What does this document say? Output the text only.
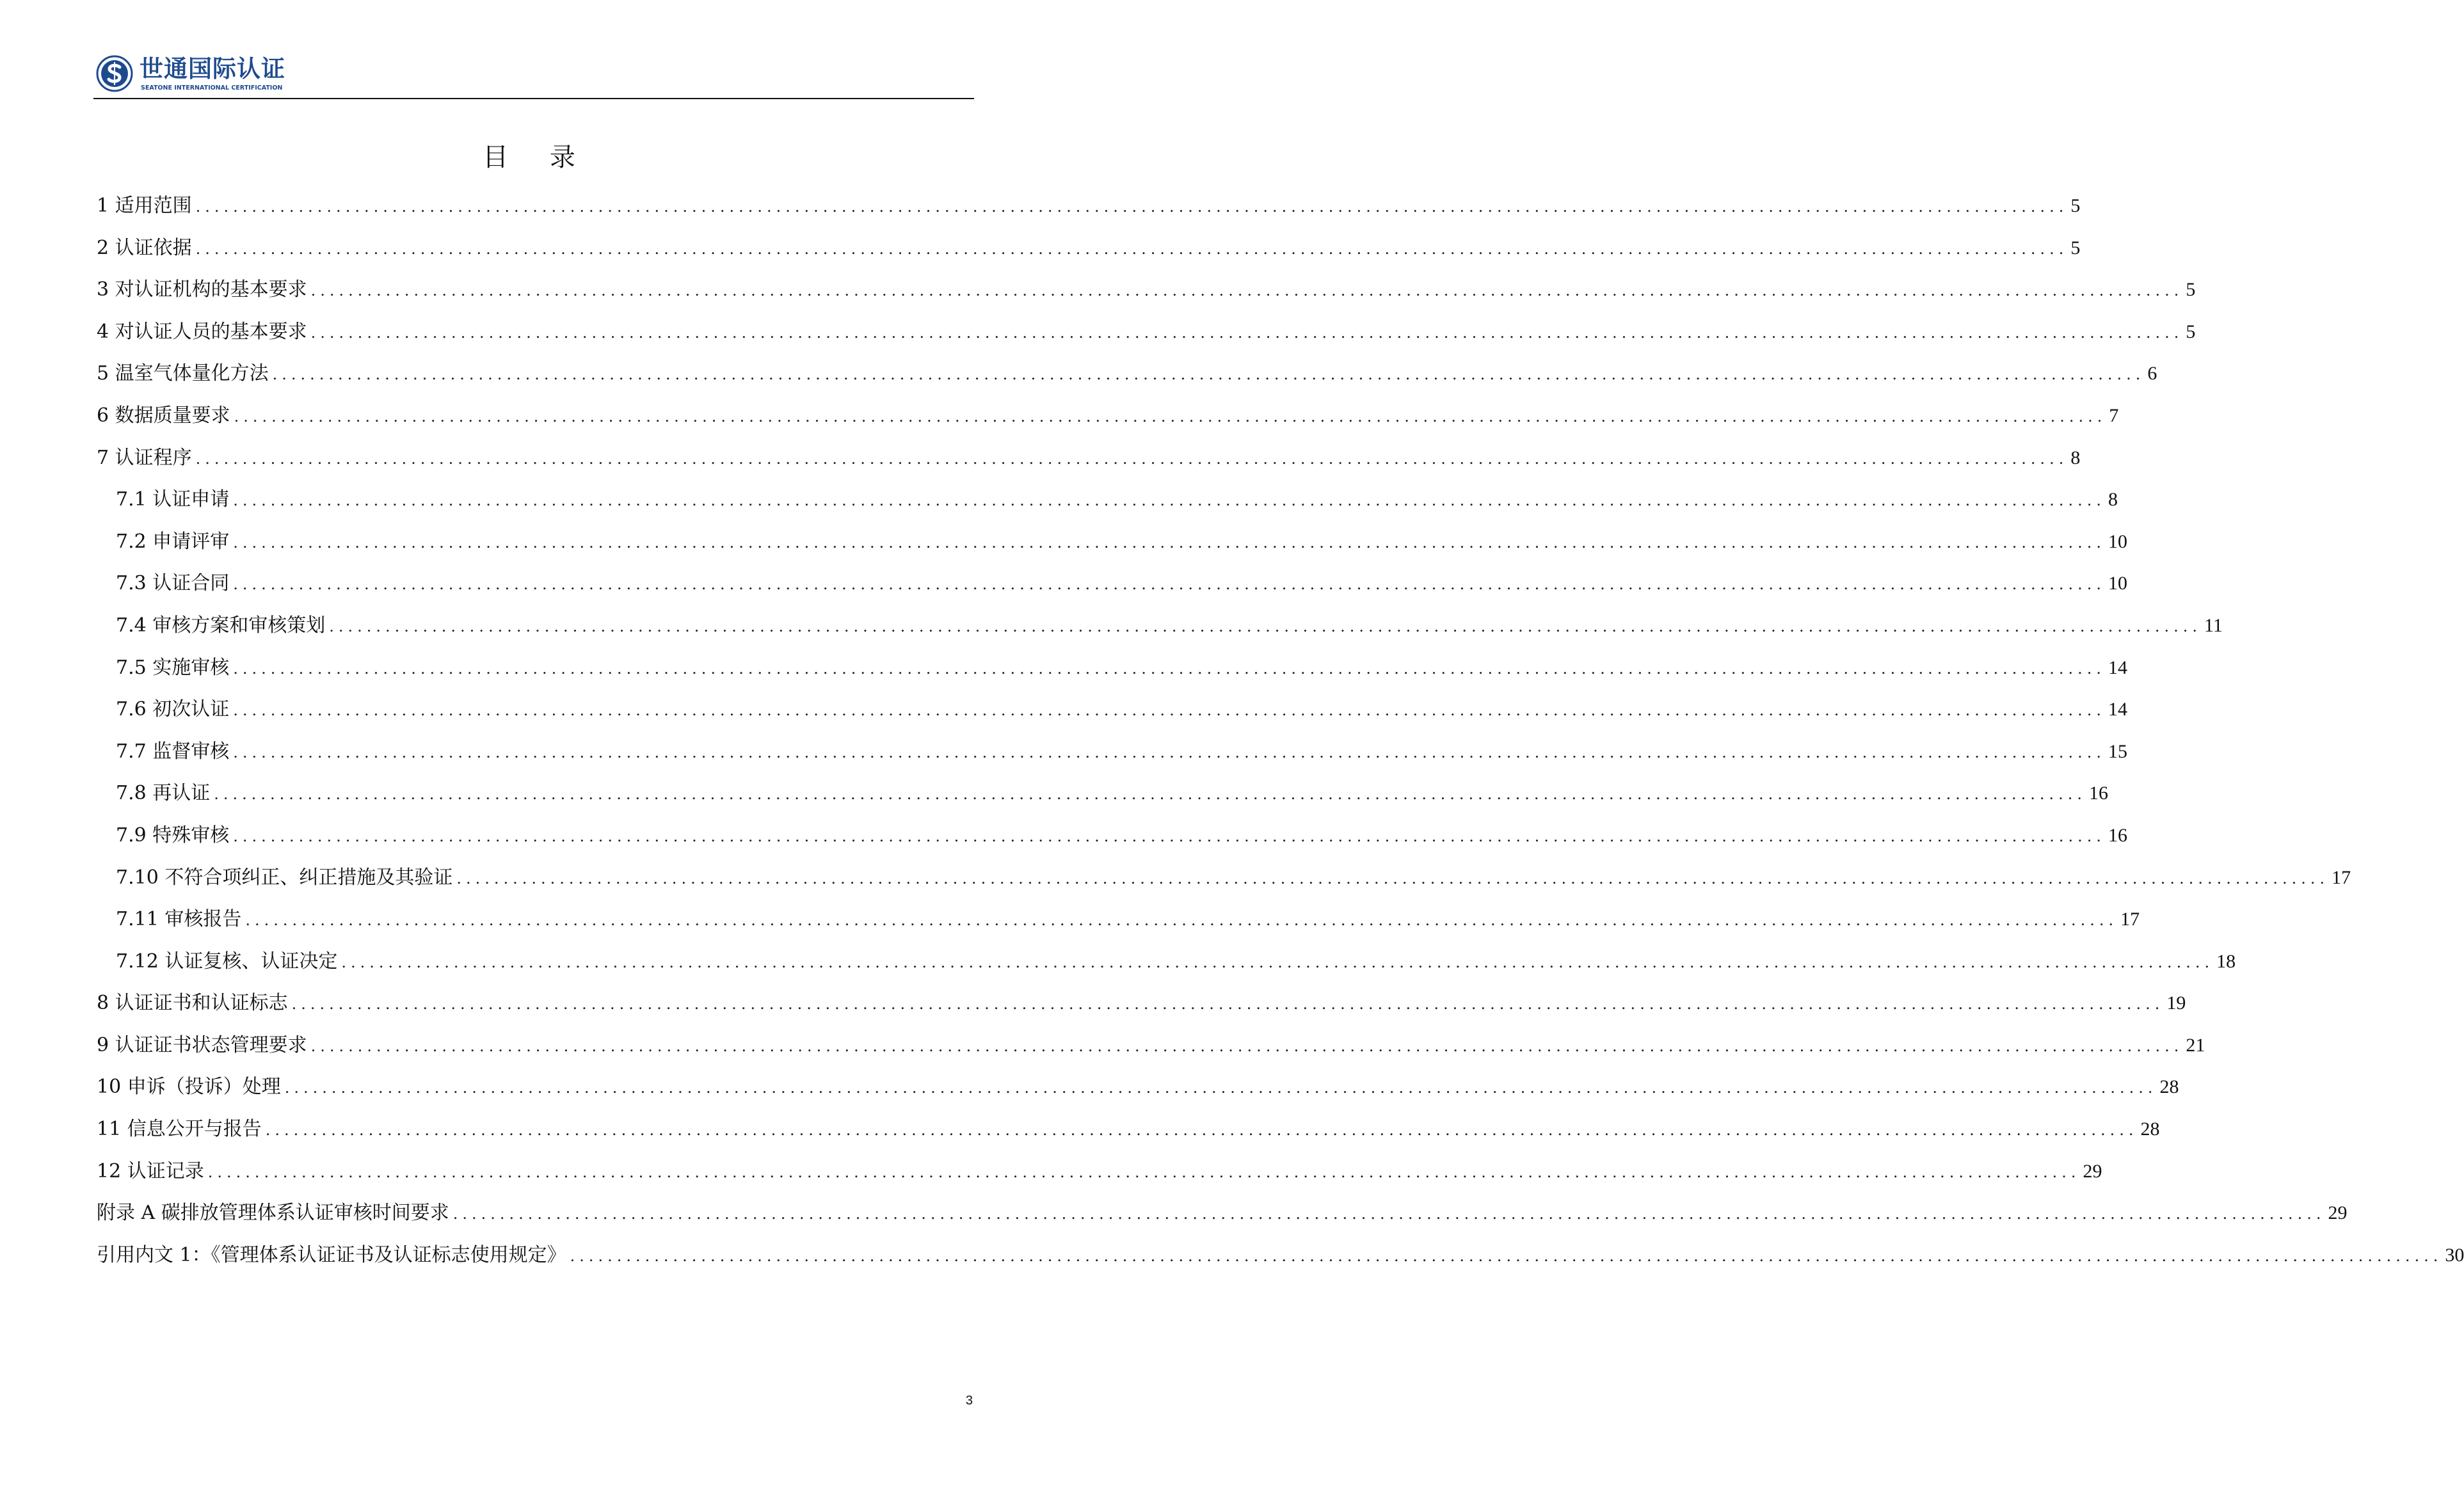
世通国际认证
SEATONE INTERNATIONAL CERTIFICATION
目 录
1 适用范围 ........................................................................................................................................................................................................ 5
2 认证依据 ........................................................................................................................................................................................................ 5
3 对认证机构的基本要求 ........................................................................................................................................................................................................ 5
4 对认证人员的基本要求 ........................................................................................................................................................................................................ 5
5 温室气体量化方法 ........................................................................................................................................................................................................ 6
6 数据质量要求 ........................................................................................................................................................................................................ 7
7 认证程序 ........................................................................................................................................................................................................ 8
7.1 认证申请 ........................................................................................................................................................................................................ 8
7.2 申请评审 ........................................................................................................................................................................................................ 10
7.3 认证合同 ........................................................................................................................................................................................................ 10
7.4 审核方案和审核策划 ........................................................................................................................................................................................................ 11
7.5 实施审核 ........................................................................................................................................................................................................ 14
7.6 初次认证 ........................................................................................................................................................................................................ 14
7.7 监督审核 ........................................................................................................................................................................................................ 15
7.8 再认证 ........................................................................................................................................................................................................ 16
7.9 特殊审核 ........................................................................................................................................................................................................ 16
7.10 不符合项纠正、纠正措施及其验证 ........................................................................................................................................................................................................ 17
7.11 审核报告 ........................................................................................................................................................................................................ 17
7.12 认证复核、认证决定 ........................................................................................................................................................................................................ 18
8 认证证书和认证标志 ........................................................................................................................................................................................................ 19
9 认证证书状态管理要求 ........................................................................................................................................................................................................ 21
10 申诉（投诉）处理 ........................................................................................................................................................................................................ 28
11 信息公开与报告 ........................................................................................................................................................................................................ 28
12 认证记录 ........................................................................................................................................................................................................ 29
附录 A 碳排放管理体系认证审核时间要求 ........................................................................................................................................................................................................ 29
引用内文 1：《管理体系认证证书及认证标志使用规定》 ........................................................................................................................................................................................................ 30
3
